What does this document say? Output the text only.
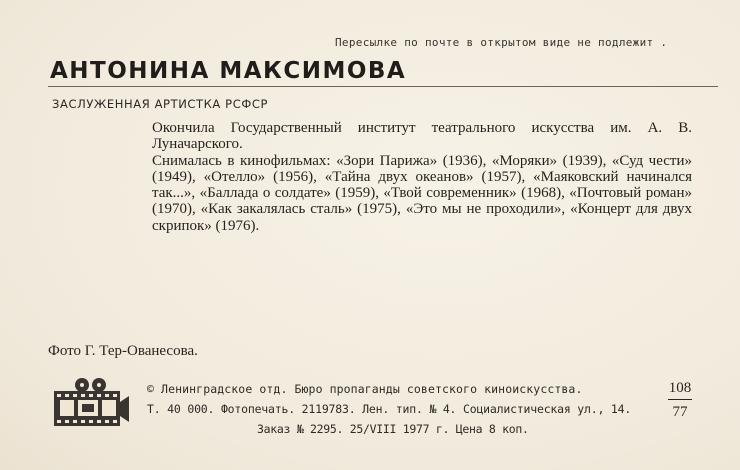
Пересылке по почте в открытом виде не подлежит .
АНТОНИНА МАКСИМОВА
ЗАСЛУЖЕННАЯ АРТИСТКА РСФСР

Окончила Государственный институт театрального искусства им. А. В. Луначарского.

Снималась в кинофильмах: «Зори Парижа» (1936), «Моряки» (1939), «Суд чести» (1949), «Отелло» (1956), «Тайна двух океанов» (1957), «Маяковский начинался так...», «Баллада о солдате» (1959), «Твой современник» (1968), «Почтовый роман» (1970), «Как закалялась сталь» (1975), «Это мы не проходили», «Концерт для двух скрипок» (1976).

Фото Г. Тер-Ованесова.
© Ленинградское отд. Бюро пропаганды советского киноискусства.
Т. 40 000. Фотопечать. 2119783. Лен. тип. № 4. Социалистическая ул., 14.
Заказ № 2295. 25/VIII 1977 г. Цена 8 коп.
108
77
